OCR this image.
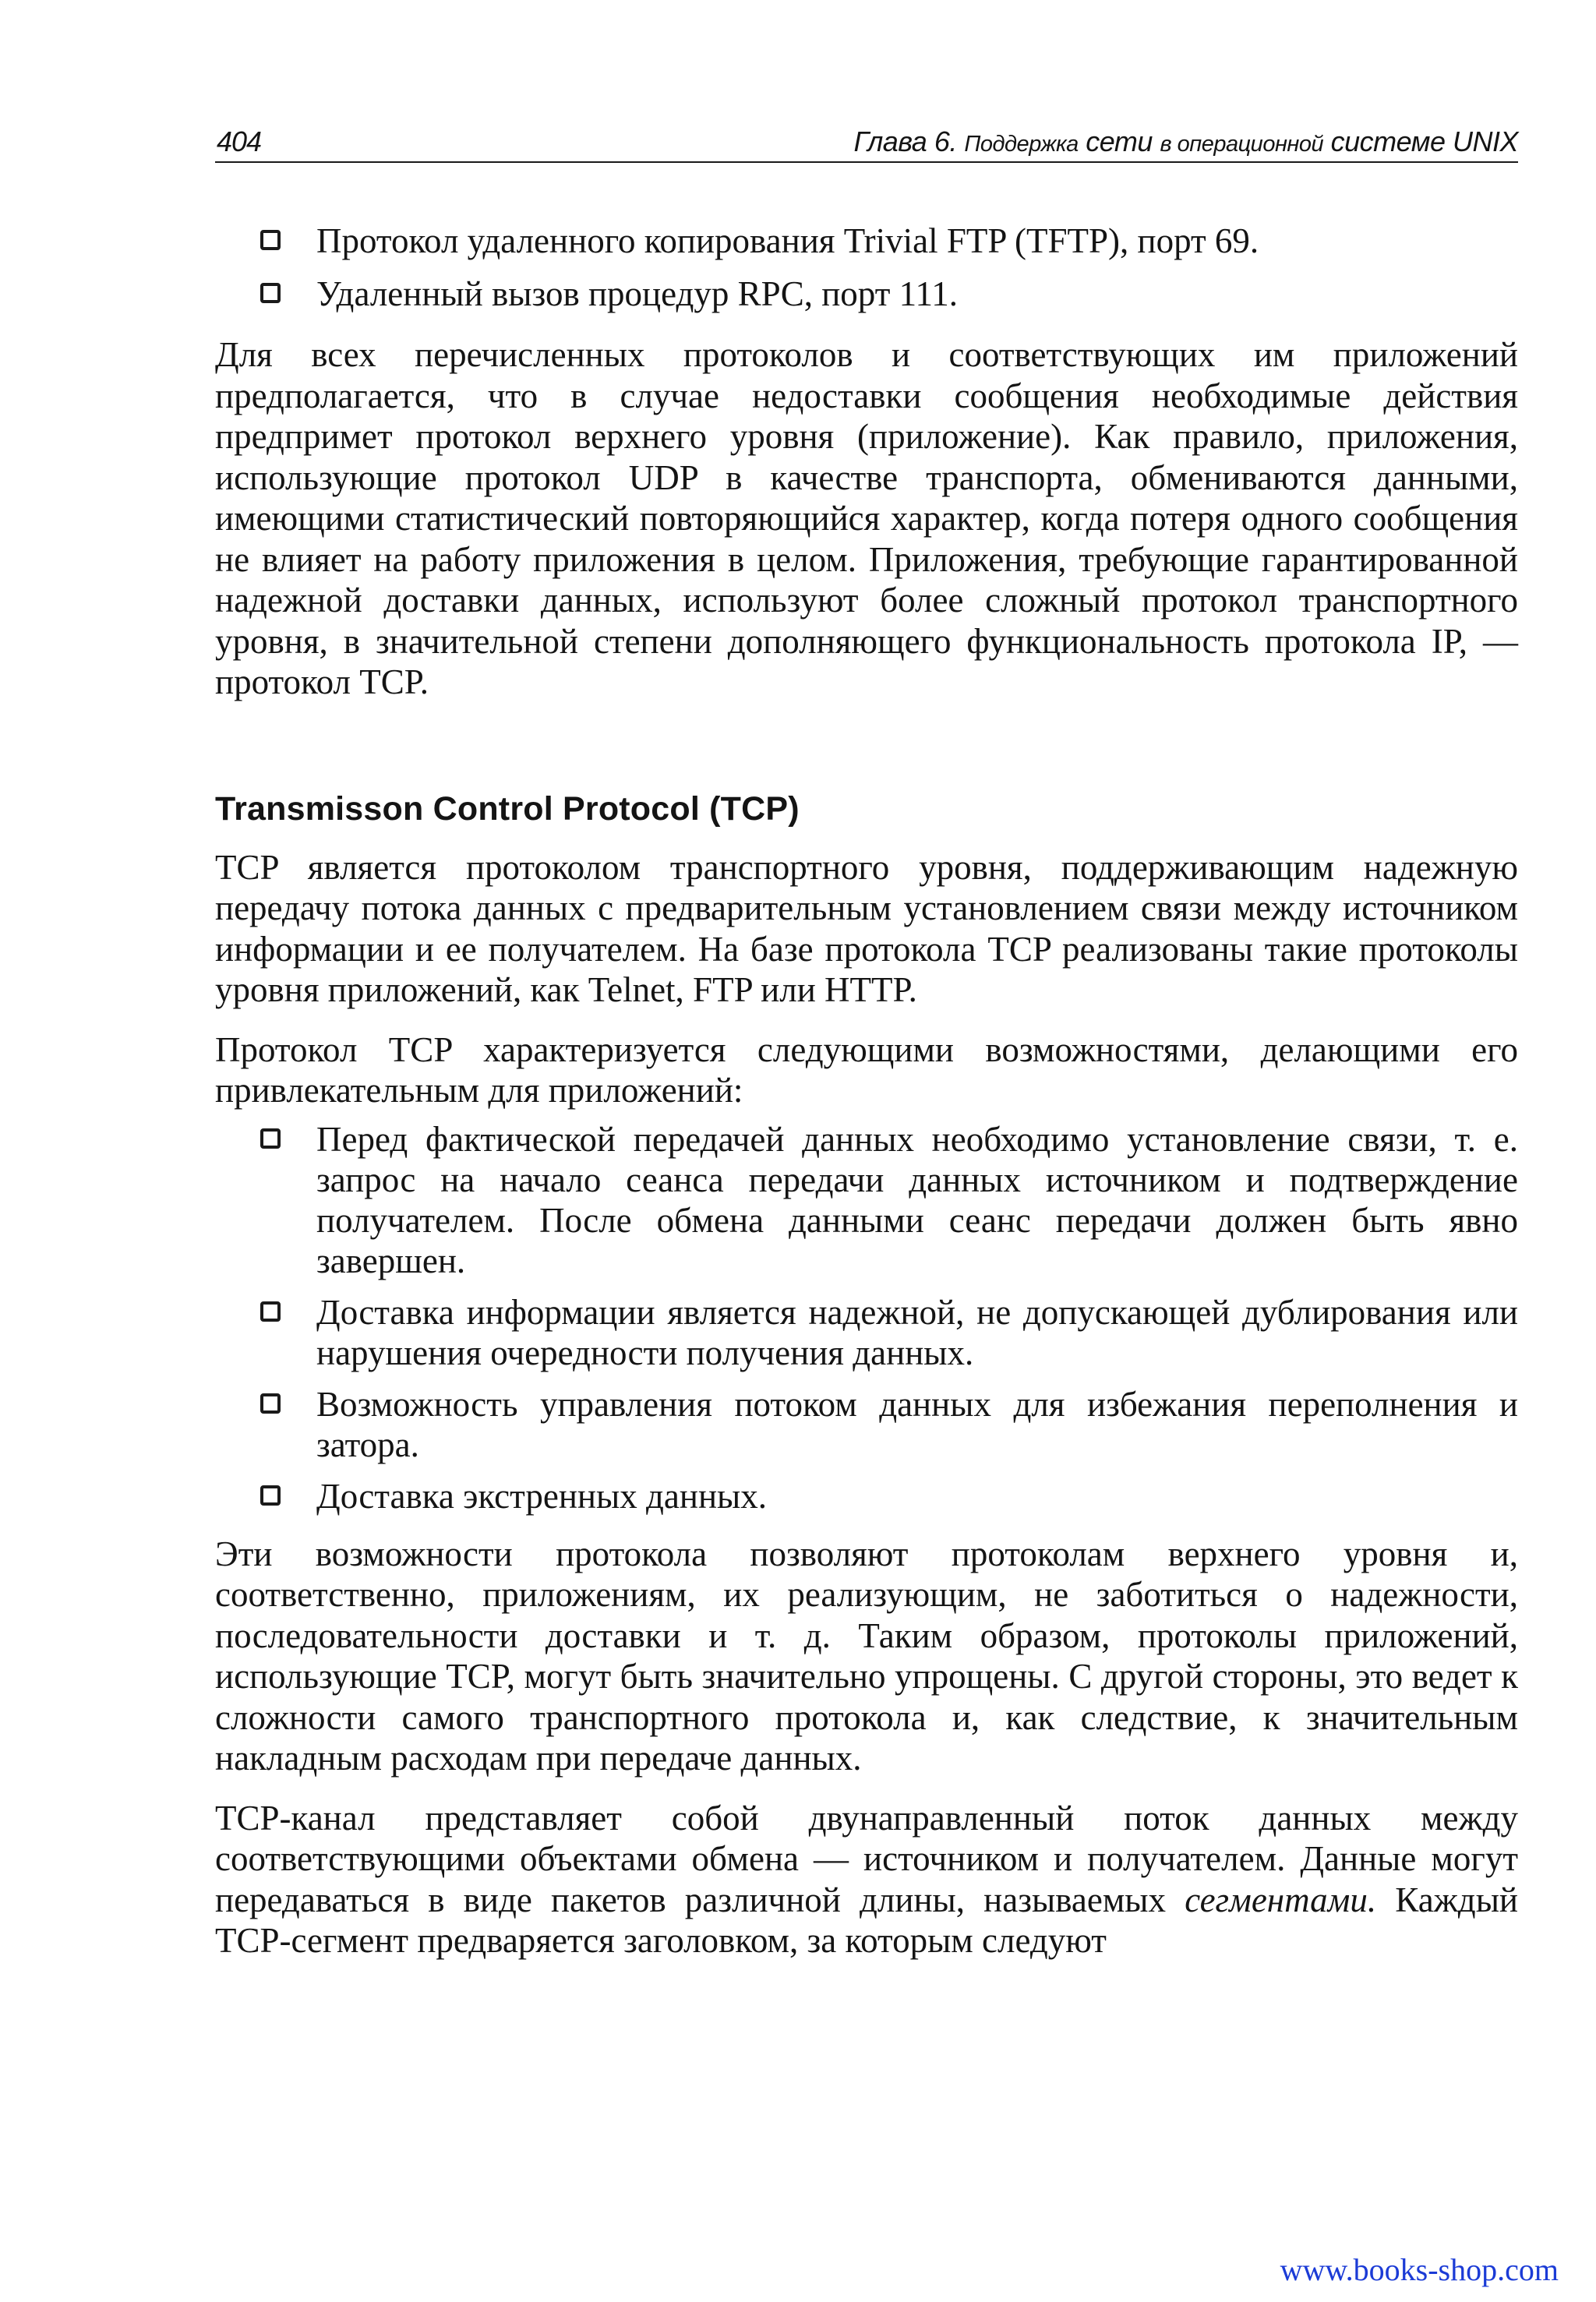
404	Глава 6. Поддержка сети в операционной системе UNIX
Протокол удаленного копирования Trivial FTP (TFTP), порт 69.
Удаленный вызов процедур RPC, порт 111.

Для всех перечисленных протоколов и соответствующих им приложений предполагается, что в случае недоставки сообщения необходимые действия предпримет протокол верхнего уровня (приложение). Как правило, приложения, использующие протокол UDP в качестве транспорта, обмениваются данными, имеющими статистический повторяющийся характер, когда потеря одного сообщения не влияет на работу приложения в целом. Приложения, требующие гарантированной надежной доставки данных, используют более сложный протокол транспортного уровня, в значительной степени дополняющего функциональность протокола IP, — протокол TCP.

Transmisson Control Protocol (TCP)

TCP является протоколом транспортного уровня, поддерживающим надежную передачу потока данных с предварительным установлением связи между источником информации и ее получателем. На базе протокола TCP реализованы такие протоколы уровня приложений, как Telnet, FTP или HTTP.

Протокол TCP характеризуется следующими возможностями, делающими его привлекательным для приложений:

Перед фактической передачей данных необходимо установление связи, т. е. запрос на начало сеанса передачи данных источником и подтверждение получателем. После обмена данными сеанс передачи должен быть явно завершен.
Доставка информации является надежной, не допускающей дублирования или нарушения очередности получения данных.
Возможность управления потоком данных для избежания переполнения и затора.
Доставка экстренных данных.

Эти возможности протокола позволяют протоколам верхнего уровня и, соответственно, приложениям, их реализующим, не заботиться о надежности, последовательности доставки и т. д. Таким образом, протоколы приложений, использующие TCP, могут быть значительно упрощены. С другой стороны, это ведет к сложности самого транспортного протокола и, как следствие, к значительным накладным расходам при передаче данных.

TCP-канал представляет собой двунаправленный поток данных между соответствующими объектами обмена — источником и получателем. Данные могут передаваться в виде пакетов различной длины, называемых сегментами. Каждый TCP-сегмент предваряется заголовком, за которым следуют

www.books-shop.com
